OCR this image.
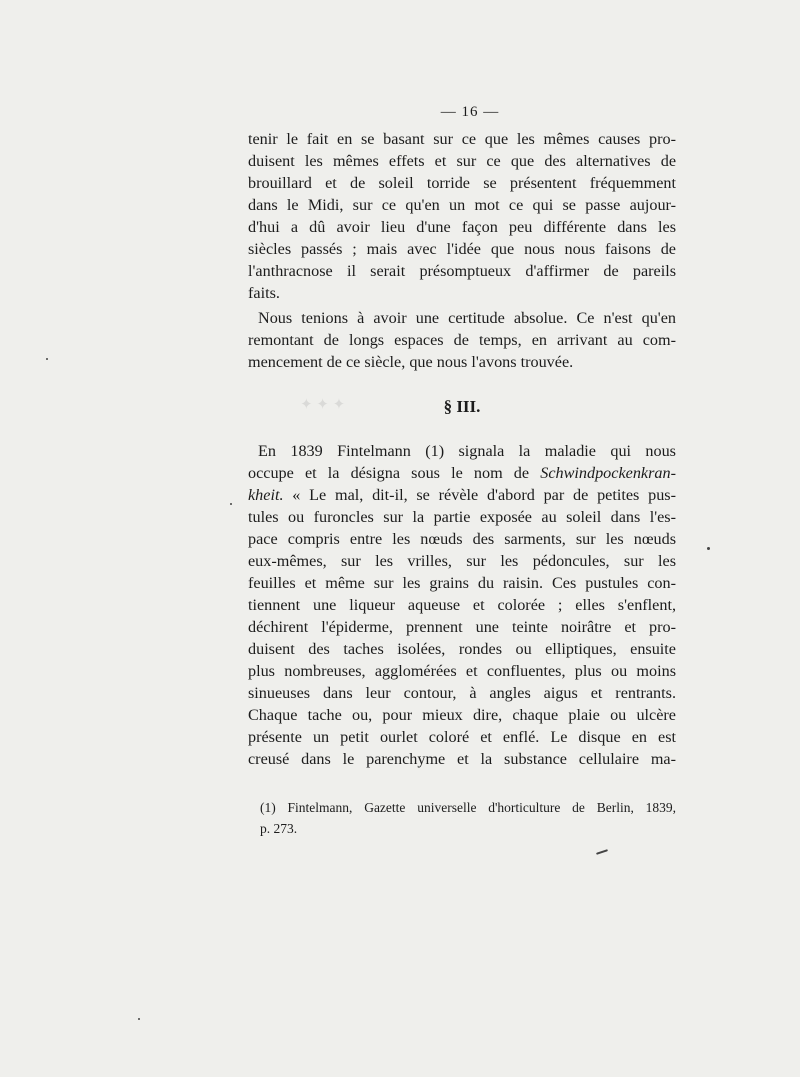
✦ ✦ ✦
— 16 —
tenir le fait en se basant sur ce que les mêmes causes pro-
duisent les mêmes effets et sur ce que des alternatives de
brouillard et de soleil torride se présentent fréquemment
dans le Midi, sur ce qu'en un mot ce qui se passe aujour-
d'hui a dû avoir lieu d'une façon peu différente dans les
siècles passés ; mais avec l'idée que nous nous faisons de
l'anthracnose il serait présomptueux d'affirmer de pareils
faits.
Nous tenions à avoir une certitude absolue. Ce n'est qu'en
remontant de longs espaces de temps, en arrivant au com-
mencement de ce siècle, que nous l'avons trouvée.
§ III.
En 1839 Fintelmann (1) signala la maladie qui nous
occupe et la désigna sous le nom de Schwindpockenkran-
kheit. « Le mal, dit-il, se révèle d'abord par de petites pus-
tules ou furoncles sur la partie exposée au soleil dans l'es-
pace compris entre les nœuds des sarments, sur les nœuds
eux-mêmes, sur les vrilles, sur les pédoncules, sur les
feuilles et même sur les grains du raisin. Ces pustules con-
tiennent une liqueur aqueuse et colorée ; elles s'enflent,
déchirent l'épiderme, prennent une teinte noirâtre et pro-
duisent des taches isolées, rondes ou elliptiques, ensuite
plus nombreuses, agglomérées et confluentes, plus ou moins
sinueuses dans leur contour, à angles aigus et rentrants.
Chaque tache ou, pour mieux dire, chaque plaie ou ulcère
présente un petit ourlet coloré et enflé. Le disque en est
creusé dans le parenchyme et la substance cellulaire ma-
(1) Fintelmann, Gazette universelle d'horticulture de Berlin, 1839,
p. 273.
